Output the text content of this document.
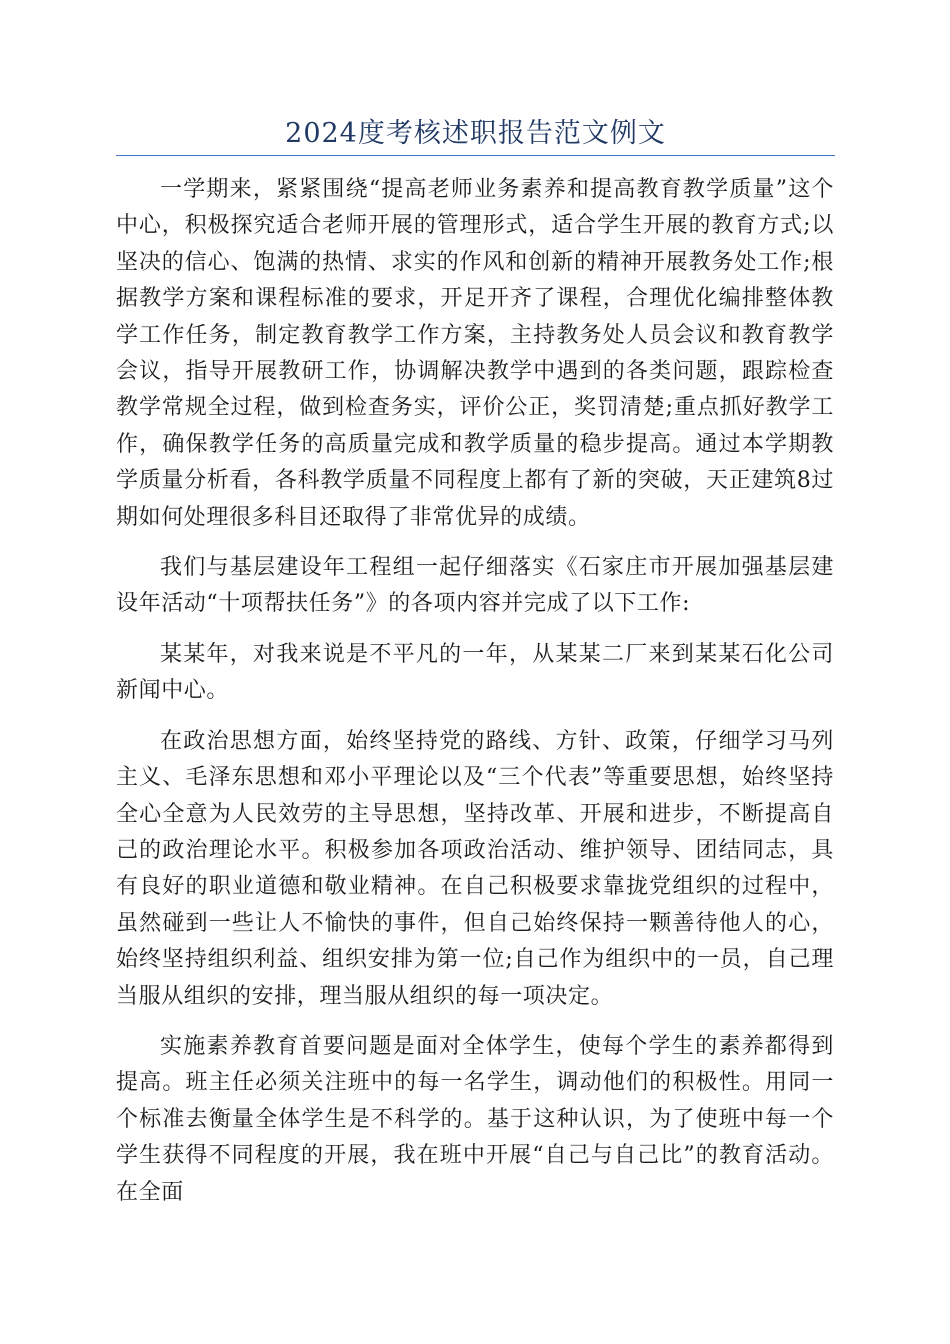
2024度考核述职报告范文例文

一学期来，紧紧围绕“提高老师业务素养和提高教育教学质量”这个中心，积极探究适合老师开展的管理形式，适合学生开展的教育方式;以坚决的信心、饱满的热情、求实的作风和创新的精神开展教务处工作;根据教学方案和课程标准的要求，开足开齐了课程，合理优化编排整体教学工作任务，制定教育教学工作方案，主持教务处人员会议和教育教学会议，指导开展教研工作，协调解决教学中遇到的各类问题，跟踪检查教学常规全过程，做到检查务实，评价公正，奖罚清楚;重点抓好教学工作，确保教学任务的高质量完成和教学质量的稳步提高。通过本学期教学质量分析看，各科教学质量不同程度上都有了新的突破，天正建筑8过期如何处理很多科目还取得了非常优异的成绩。

我们与基层建设年工程组一起仔细落实《石家庄市开展加强基层建设年活动“十项帮扶任务”》的各项内容并完成了以下工作:

某某年，对我来说是不平凡的一年，从某某二厂来到某某石化公司新闻中心。

在政治思想方面，始终坚持党的路线、方针、政策，仔细学习马列主义、毛泽东思想和邓小平理论以及“三个代表”等重要思想，始终坚持全心全意为人民效劳的主导思想，坚持改革、开展和进步，不断提高自己的政治理论水平。积极参加各项政治活动、维护领导、团结同志，具有良好的职业道德和敬业精神。在自己积极要求靠拢党组织的过程中，虽然碰到一些让人不愉快的事件，但自己始终保持一颗善待他人的心，始终坚持组织利益、组织安排为第一位;自己作为组织中的一员，自己理当服从组织的安排，理当服从组织的每一项决定。

实施素养教育首要问题是面对全体学生，使每个学生的素养都得到提高。班主任必须关注班中的每一名学生，调动他们的积极性。用同一个标准去衡量全体学生是不科学的。基于这种认识，为了使班中每一个学生获得不同程度的开展，我在班中开展“自己与自己比”的教育活动。在全面
